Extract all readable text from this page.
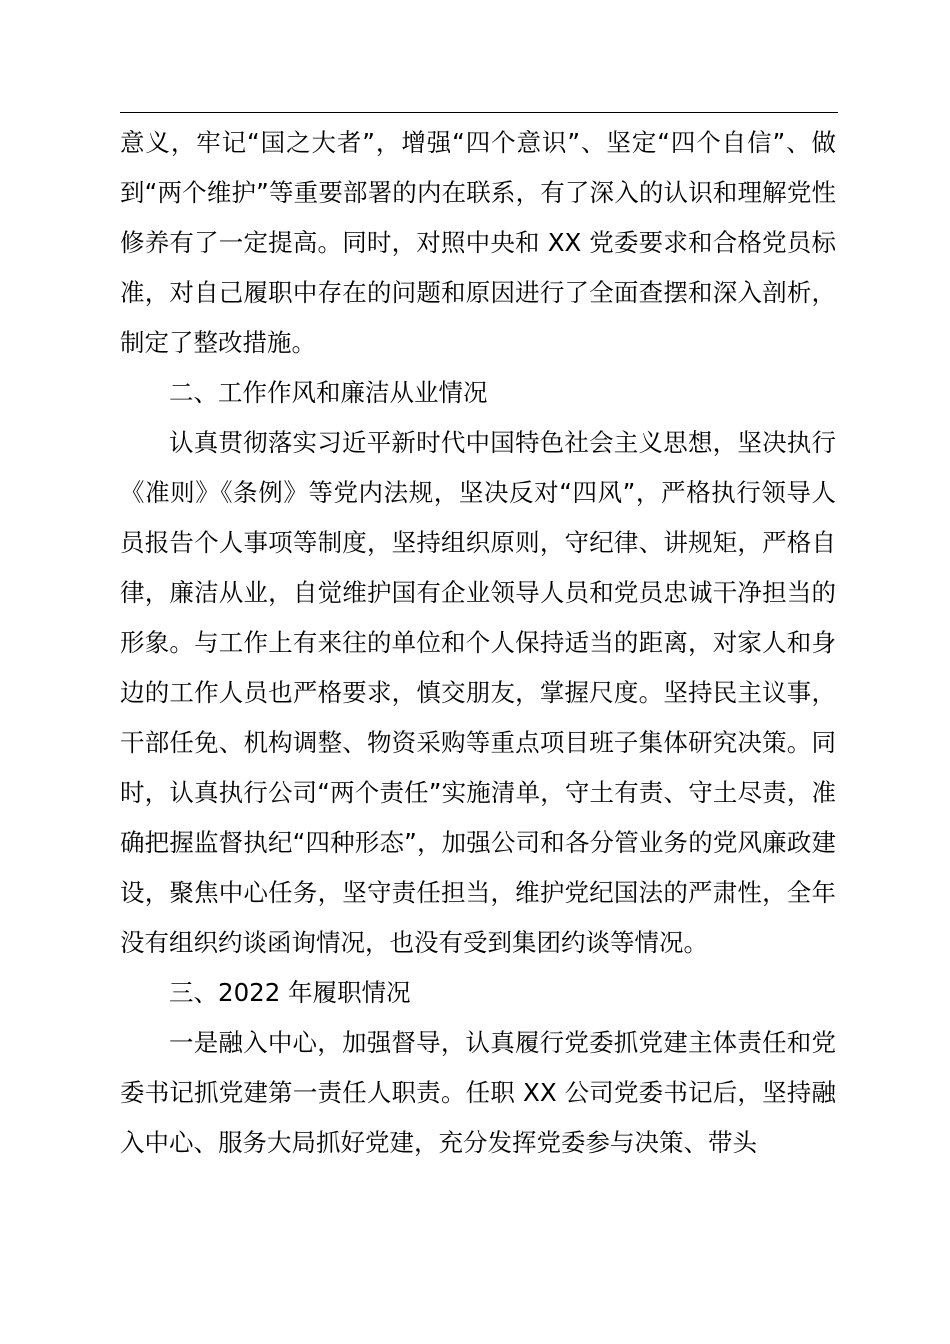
意义，牢记“国之大者”，增强“四个意识”、坚定“四个自信”、做到“两个维护”等重要部署的内在联系，有了深入的认识和理解党性修养有了一定提高。同时，对照中央和 XX 党委要求和合格党员标准，对自己履职中存在的问题和原因进行了全面查摆和深入剖析，制定了整改措施。

二、工作作风和廉洁从业情况

认真贯彻落实习近平新时代中国特色社会主义思想，坚决执行《准则》《条例》等党内法规，坚决反对“四风”，严格执行领导人员报告个人事项等制度，坚持组织原则，守纪律、讲规矩，严格自律，廉洁从业，自觉维护国有企业领导人员和党员忠诚干净担当的形象。与工作上有来往的单位和个人保持适当的距离，对家人和身边的工作人员也严格要求，慎交朋友，掌握尺度。坚持民主议事，干部任免、机构调整、物资采购等重点项目班子集体研究决策。同时，认真执行公司“两个责任”实施清单，守土有责、守土尽责，准确把握监督执纪“四种形态”，加强公司和各分管业务的党风廉政建设，聚焦中心任务，坚守责任担当，维护党纪国法的严肃性，全年没有组织约谈函询情况，也没有受到集团约谈等情况。

三、2022 年履职情况

一是融入中心，加强督导，认真履行党委抓党建主体责任和党委书记抓党建第一责任人职责。任职 XX 公司党委书记后，坚持融入中心、服务大局抓好党建，充分发挥党委参与决策、带头
